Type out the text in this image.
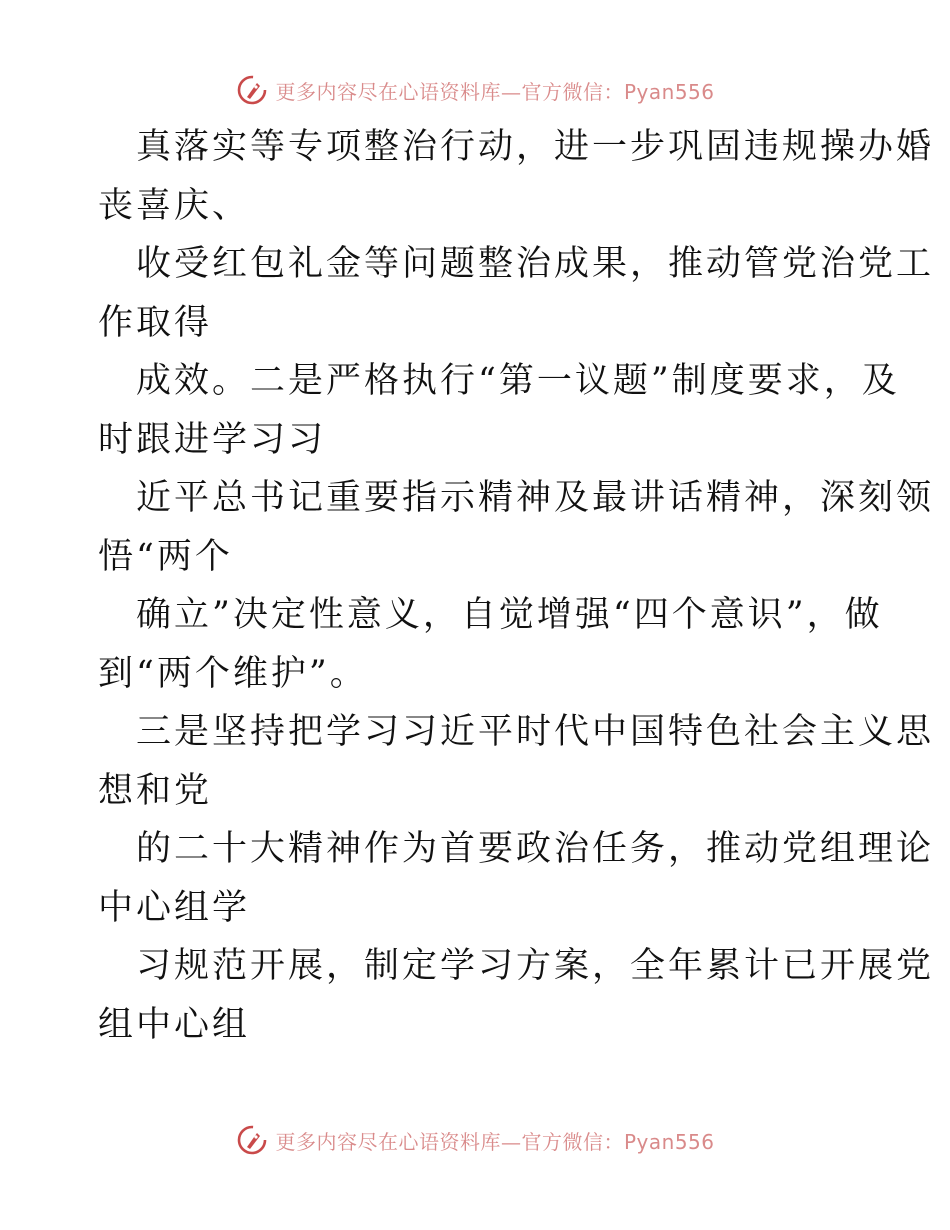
更多内容尽在心语资料库—官方微信：Pyan556
真落实等专项整治行动，进一步巩固违规操办婚
丧喜庆、
收受红包礼金等问题整治成果，推动管党治党工
作取得
成效。二是严格执行“第一议题”制度要求，及
时跟进学习习
近平总书记重要指示精神及最讲话精神，深刻领
悟“两个
确立”决定性意义，自觉增强“四个意识”，做
到“两个维护”。
三是坚持把学习习近平时代中国特色社会主义思
想和党
的二十大精神作为首要政治任务，推动党组理论
中心组学
习规范开展，制定学习方案，全年累计已开展党
组中心组
更多内容尽在心语资料库—官方微信：Pyan556
